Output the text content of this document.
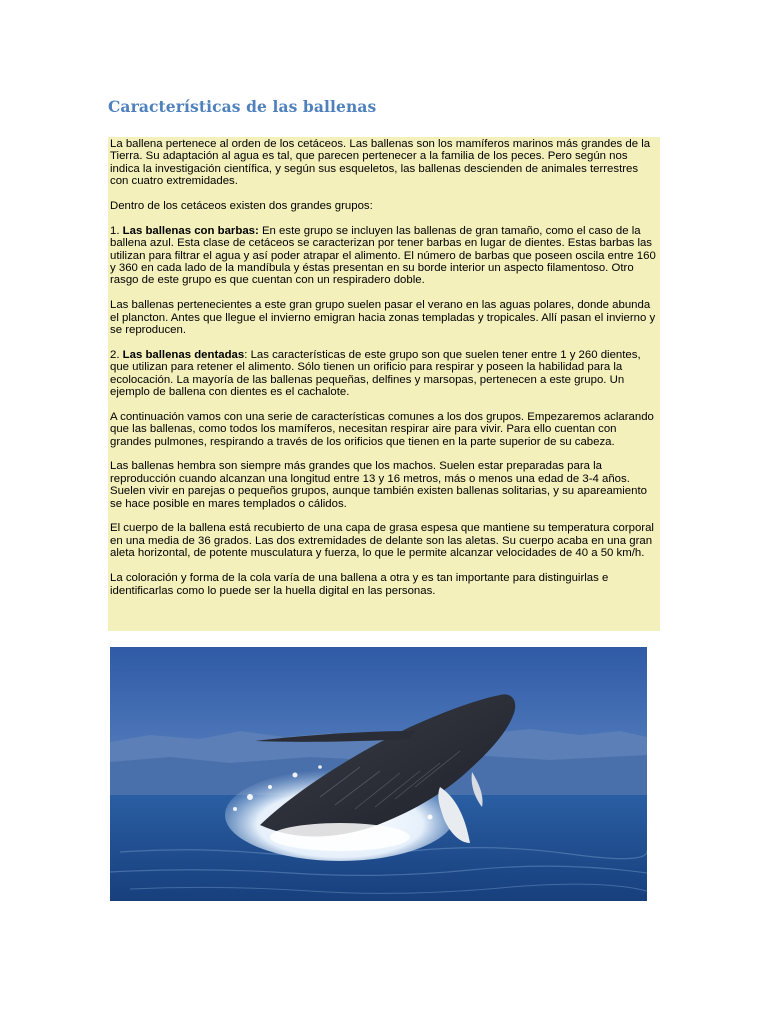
Características de las ballenas

La ballena pertenece al orden de los cetáceos. Las ballenas son los mamíferos marinos más grandes de la Tierra. Su adaptación al agua es tal, que parecen pertenecer a la familia de los peces. Pero según nos indica la investigación científica, y según sus esqueletos, las ballenas descienden de animales terrestres con cuatro extremidades.

Dentro de los cetáceos existen dos grandes grupos:

1. Las ballenas con barbas: En este grupo se incluyen las ballenas de gran tamaño, como el caso de la ballena azul. Esta clase de cetáceos se caracterizan por tener barbas en lugar de dientes. Estas barbas las utilizan para filtrar el agua y así poder atrapar el alimento. El número de barbas que poseen oscila entre 160 y 360 en cada lado de la mandíbula y éstas presentan en su borde interior un aspecto filamentoso. Otro rasgo de este grupo es que cuentan con un respiradero doble.

Las ballenas pertenecientes a este gran grupo suelen pasar el verano en las aguas polares, donde abunda el plancton. Antes que llegue el invierno emigran hacia zonas templadas y tropicales. Allí pasan el invierno y se reproducen.

2. Las ballenas dentadas: Las características de este grupo son que suelen tener entre 1 y 260 dientes, que utilizan para retener el alimento. Sólo tienen un orificio para respirar y poseen la habilidad para la ecolocación. La mayoría de las ballenas pequeñas, delfines y marsopas, pertenecen a este grupo. Un ejemplo de ballena con dientes es el cachalote.

A continuación vamos con una serie de características comunes a los dos grupos. Empezaremos aclarando que las ballenas, como todos los mamíferos, necesitan respirar aire para vivir. Para ello cuentan con grandes pulmones, respirando a través de los orificios que tienen en la parte superior de su cabeza.

Las ballenas hembra son siempre más grandes que los machos. Suelen estar preparadas para la reproducción cuando alcanzan una longitud entre 13 y 16 metros, más o menos una edad de 3-4 años. Suelen vivir en parejas o pequeños grupos, aunque también existen ballenas solitarias, y su apareamiento se hace posible en mares templados o cálidos.

El cuerpo de la ballena está recubierto de una capa de grasa espesa que mantiene su temperatura corporal en una media de 36 grados. Las dos extremidades de delante son las aletas. Su cuerpo acaba en una gran aleta horizontal, de potente musculatura y fuerza, lo que le permite alcanzar velocidades de 40 a 50 km/h.

La coloración y forma de la cola varía de una ballena a otra y es tan importante para distinguirlas e identificarlas como lo puede ser la huella digital en las personas.
